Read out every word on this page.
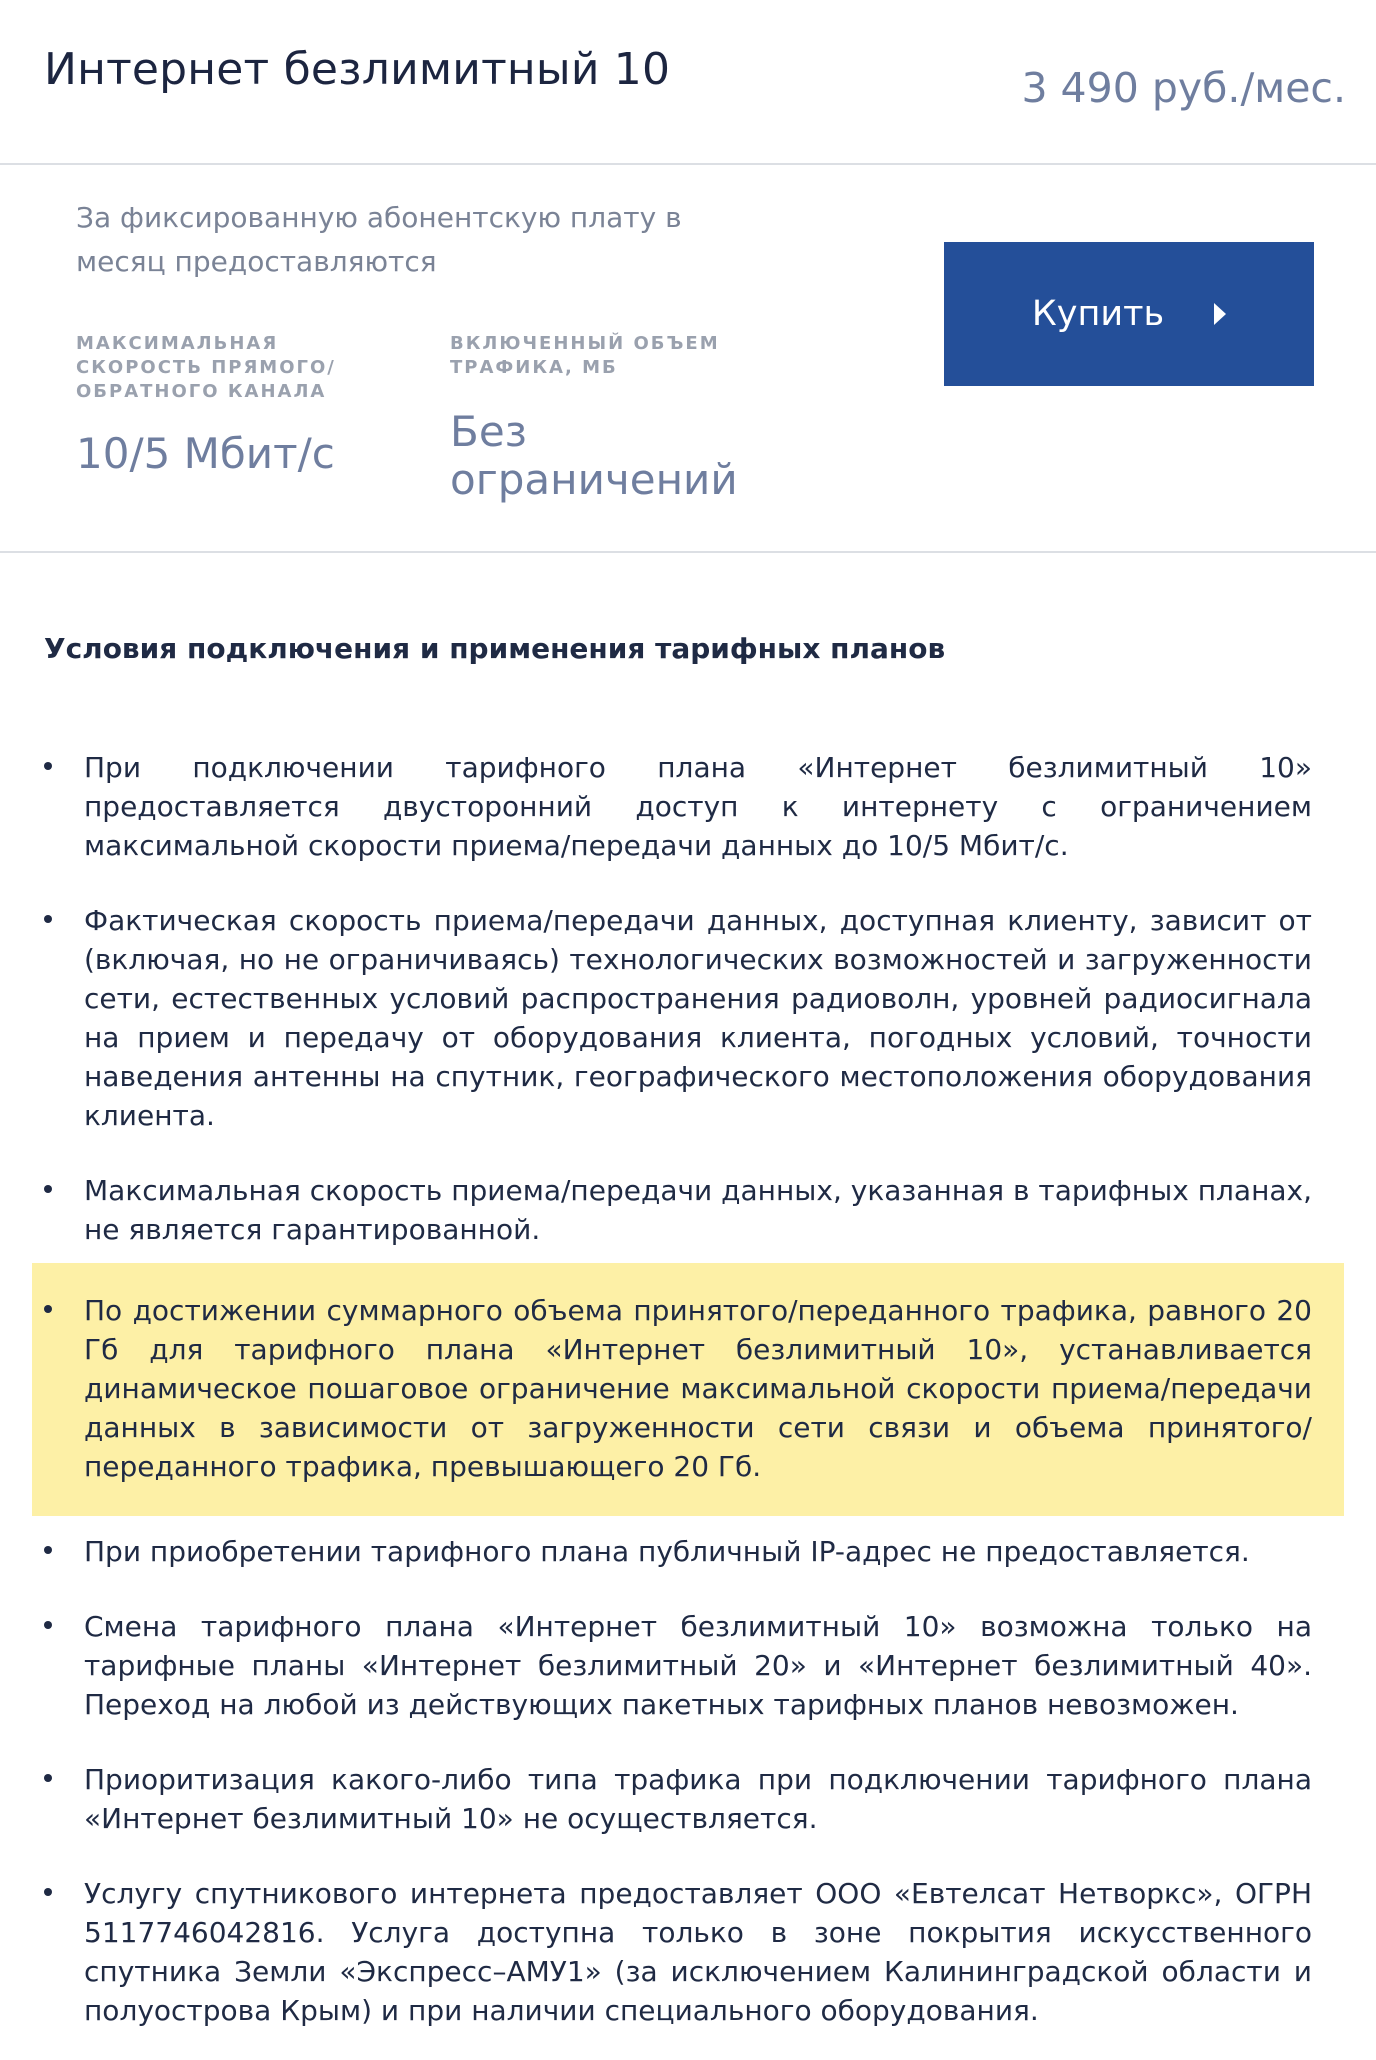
Интернет безлимитный 10	3 490 руб./мес.
За фиксированную абонентскую плату в месяц предоставляются
МАКСИМАЛЬНАЯ СКОРОСТЬ ПРЯМОГО/ ОБРАТНОГО КАНАЛА
10/5 Мбит/с
ВКЛЮЧЕННЫЙ ОБЪЕМ ТРАФИКА, МБ
Без ограничений
Купить
Условия подключения и применения тарифных планов
При подключении тарифного плана «Интернет безлимитный 10» предоставляется двусторонний доступ к интернету с ограничением максимальной скорости приема/передачи данных до 10/5 Мбит/с.
Фактическая скорость приема/передачи данных, доступная клиенту, зависит от (включая, но не ограничиваясь) технологических возможностей и загруженности сети, естественных условий распространения радиоволн, уровней радиосигнала на прием и передачу от оборудования клиента, погодных условий, точности наведения антенны на спутник, географического местоположения оборудования клиента.
Максимальная скорость приема/передачи данных, указанная в тарифных планах, не является гарантированной.
По достижении суммарного объема принятого/переданного трафика, равного 20 Гб для тарифного плана «Интернет безлимитный 10», устанавливается динамическое пошаговое ограничение максимальной скорости приема/передачи данных в зависимости от загруженности сети связи и объема принятого/переданного трафика, превышающего 20 Гб.
При приобретении тарифного плана публичный IP-адрес не предоставляется.
Смена тарифного плана «Интернет безлимитный 10» возможна только на тарифные планы «Интернет безлимитный 20» и «Интернет безлимитный 40». Переход на любой из действующих пакетных тарифных планов невозможен.
Приоритизация какого-либо типа трафика при подключении тарифного плана «Интернет безлимитный 10» не осуществляется.
Услугу спутникового интернета предоставляет ООО «Евтелсат Нетворкс», ОГРН 5117746042816. Услуга доступна только в зоне покрытия искусственного спутника Земли «Экспресс–АМУ1» (за исключением Калининградской области и полуострова Крым) и при наличии специального оборудования.
